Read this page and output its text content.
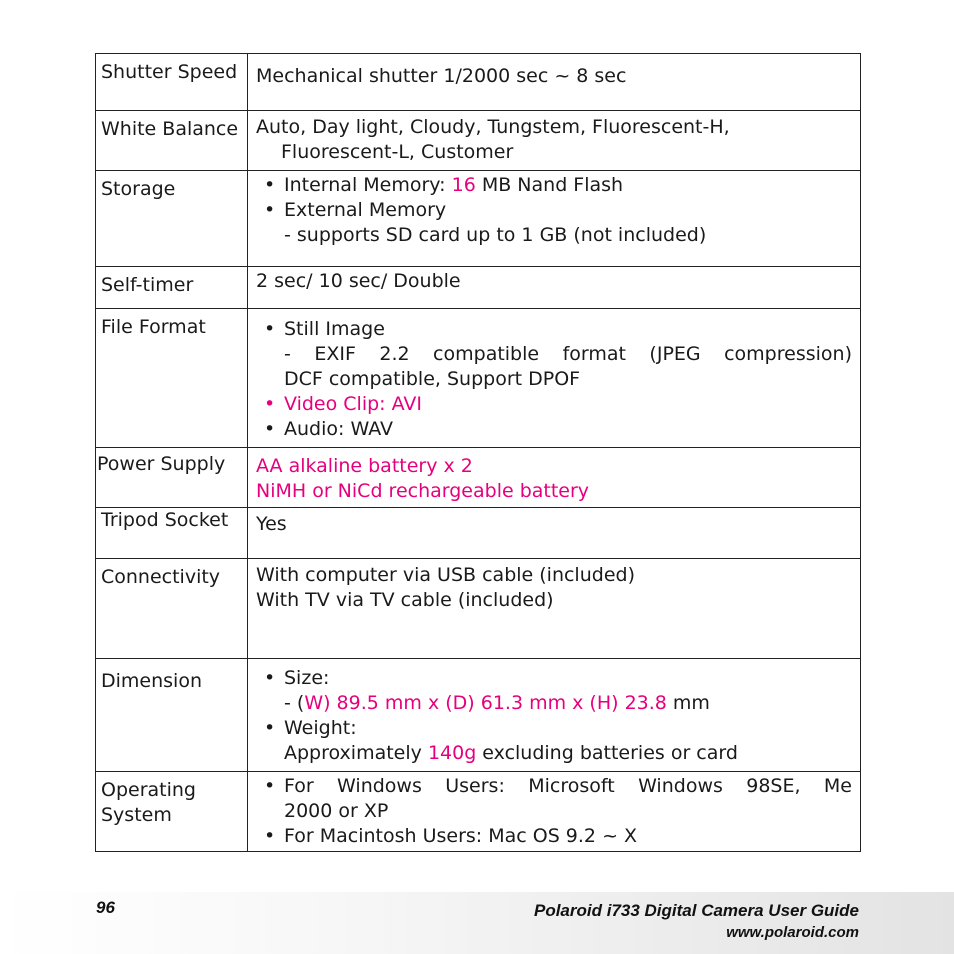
Shutter Speed	Mechanical shutter 1/2000 sec ~ 8 sec

White Balance	Auto, Day light, Cloudy, Tungstem, Fluorescent-H,
Fluorescent-L, Customer

Storage	• Internal Memory: 16 MB Nand Flash
• External Memory
- supports SD card up to 1 GB (not included)

Self-timer	2 sec/ 10 sec/ Double

File Format	• Still Image
- EXIF 2.2 compatible format (JPEG compression)
DCF compatible, Support DPOF
• Video Clip: AVI
• Audio: WAV

Power Supply	AA alkaline battery x 2
NiMH or NiCd rechargeable battery

Tripod Socket	Yes

Connectivity	With computer via USB cable (included)
With TV via TV cable (included)

Dimension	• Size:
- (W) 89.5 mm x (D) 61.3 mm x (H) 23.8 mm
• Weight:
Approximately 140g excluding batteries or card

Operating System	• For Windows Users: Microsoft Windows 98SE, Me
2000 or XP
• For Macintosh Users: Mac OS 9.2 ~ X
96	Polaroid i733 Digital Camera User Guide
www.polaroid.com
